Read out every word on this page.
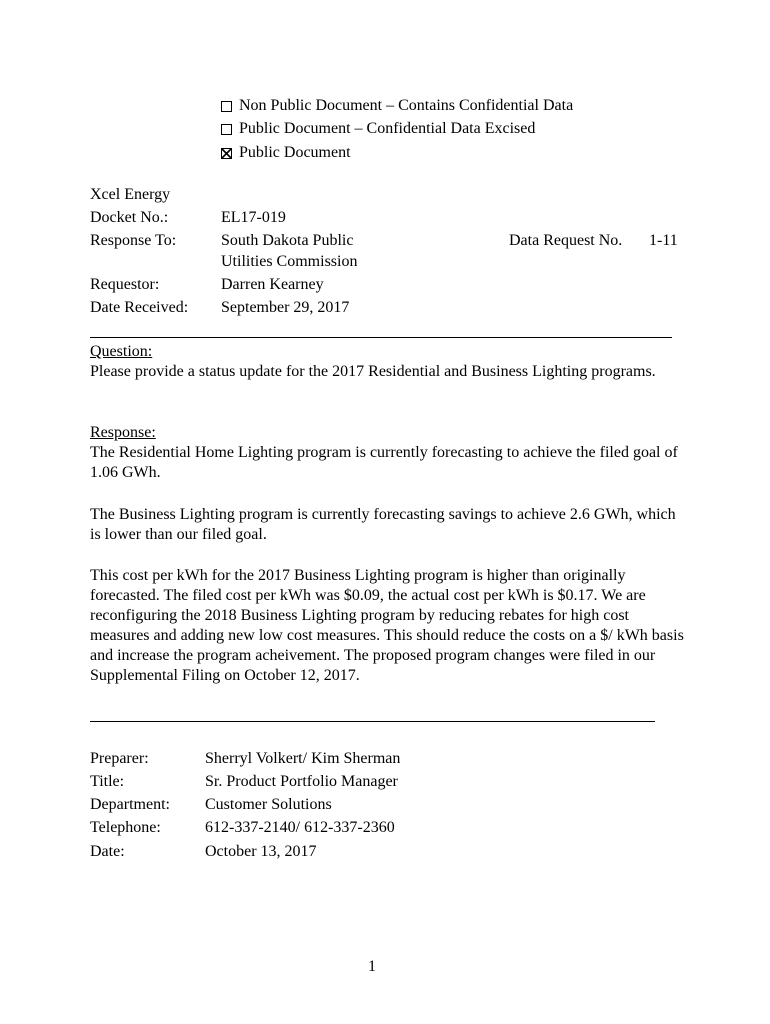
Non Public Document – Contains Confidential Data
Public Document – Confidential Data Excised
Public Document
Xcel Energy
Docket No.:	EL17-019
Response To:	South Dakota Public
Utilities Commission
Data Request No. 1-11
Requestor:	Darren Kearney
Date Received: September 29, 2017
Question:
Please provide a status update for the 2017 Residential and Business Lighting programs.
Response:
The Residential Home Lighting program is currently forecasting to achieve the filed goal of 1.06 GWh.
The Business Lighting program is currently forecasting savings to achieve 2.6 GWh, which is lower than our filed goal.
This cost per kWh for the 2017 Business Lighting program is higher than originally forecasted. The filed cost per kWh was $0.09, the actual cost per kWh is $0.17. We are reconfiguring the 2018 Business Lighting program by reducing rebates for high cost measures and adding new low cost measures. This should reduce the costs on a $/ kWh basis and increase the program acheivement. The proposed program changes were filed in our Supplemental Filing on October 12, 2017.
Preparer:	Sherryl Volkert/ Kim Sherman
Title:	Sr. Product Portfolio Manager
Department: Customer Solutions
Telephone:	612-337-2140/ 612-337-2360
Date:	October 13, 2017
1
